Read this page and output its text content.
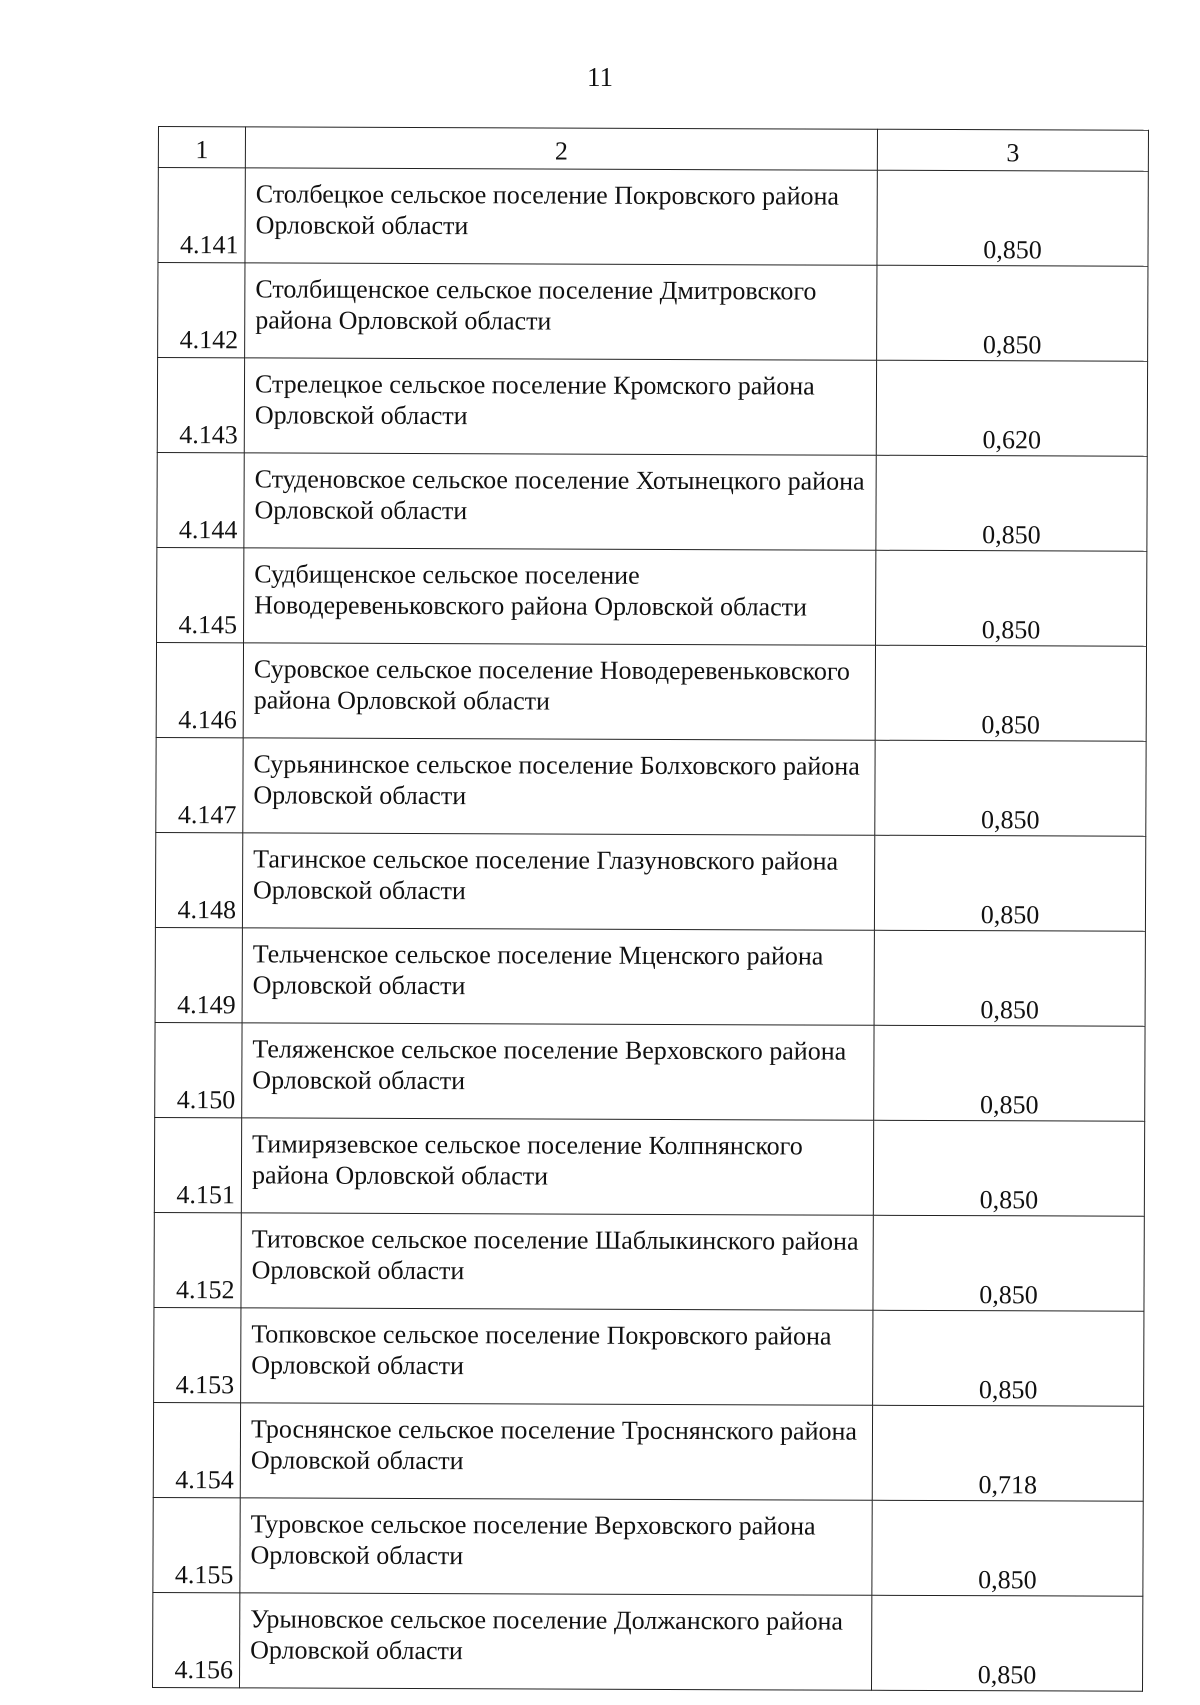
11
1	2	3
4.141	Столбецкое сельское поселение Покровского района Орловской области	0,850
4.142	Столбищенское сельское поселение Дмитровского района Орловской области	0,850
4.143	Стрелецкое сельское поселение Кромского района Орловской области	0,620
4.144	Студеновское сельское поселение Хотынецкого района Орловской области	0,850
4.145	Судбищенское сельское поселение Новодеревеньковского района Орловской области	0,850
4.146	Суровское сельское поселение Новодеревеньковского района Орловской области	0,850
4.147	Сурьянинское сельское поселение Болховского района Орловской области	0,850
4.148	Тагинское сельское поселение Глазуновского района Орловской области	0,850
4.149	Тельченское сельское поселение Мценского района Орловской области	0,850
4.150	Теляженское сельское поселение Верховского района Орловской области	0,850
4.151	Тимирязевское сельское поселение Колпнянского района Орловской области	0,850
4.152	Титовское сельское поселение Шаблыкинского района Орловской области	0,850
4.153	Топковское сельское поселение Покровского района Орловской области	0,850
4.154	Троснянское сельское поселение Троснянского района Орловской области	0,718
4.155	Туровское сельское поселение Верховского района Орловской области	0,850
4.156	Урыновское сельское поселение Должанского района Орловской области	0,850
